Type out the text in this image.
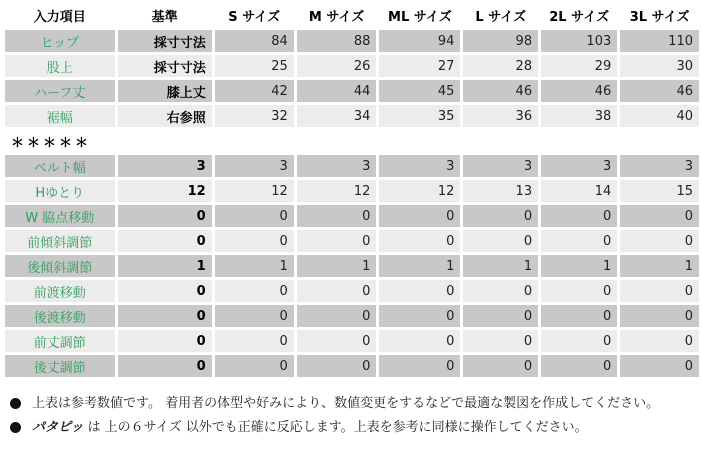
入力項目	基準	S サイズ	M サイズ	ML サイズ	L サイズ	2L サイズ	3L サイズ
ヒップ	採寸寸法	84	88	94	98	103	110
股上	採寸寸法	25	26	27	28	29	30
ハーフ丈	膝上丈	42	44	45	46	46	46
裾幅	右参照	32	34	35	36	38	40
＊＊＊＊＊							
ベルト幅	3	3	3	3	3	3	3
Hゆとり	12	12	12	12	13	14	15
W 脇点移動	0	0	0	0	0	0	0
前傾斜調節	0	0	0	0	0	0	0
後傾斜調節	1	1	1	1	1	1	1
前渡移動	0	0	0	0	0	0	0
後渡移動	0	0	0	0	0	0	0
前丈調節	0	0	0	0	0	0	0
後丈調節	0	0	0	0	0	0	0
上表は参考数値です。 着用者の体型や好みにより、数値変更をするなどで最適な製図を作成してください。
パタピッ は 上の６サイズ 以外でも正確に反応します。上表を参考に同様に操作してください。
